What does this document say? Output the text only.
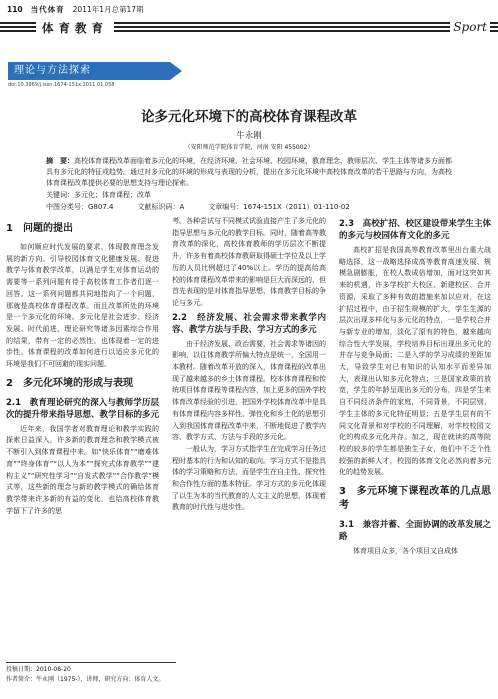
110 当代体育 2011年1月总第17期
体育教育	Sport
理论与方法探索
doi:10.3969/j.issn.1674-151x.2011.01.058
论多元化环境下的高校体育课程改革
牛永刚
（安阳师范学院体育学院，河南 安阳 455002）
摘　要：高校体育课程改革面临着多元化的环境，在经济环境、社会环境、校园环境、教育理念、教师层次、学生主体等诸多方面都具有多元化的特征或趋势。通过对多元化的环境的形成与表现的分析，提出在多元化环境中高校体育改革的若干思路与方向，为高校体育课程改革提供必要的思想支持与理论探索。
关键词：多元化；体育课程；改革
中图分类号：G807.4	文献标识码：A	文章编号：1674-151X（2011）01-110-02
1　问题的提出

如何顺应时代发展的要求、体现教育理念发展的新方向、引导校园体育文化健康发展、促进教学与体育教学改革，以满足学生对体育运动的需要等一系列问题有待于高校体育工作者们逐一回答。这一系列问题都共同地指向了一个问题，那就是高校体育课程改革。而且改革所处的环境是一个多元化的环境。多元化是社会进步、经济发展、时代前进、理论研究等诸多因素综合作用的结果，带有一定的必然性。也体现着一定的进步性。体育课程的改革如何进行以适应多元化的环境是我们不可回避的现实问题。

2　多元化环境的形成与表现
2.1　教育理论研究的深入与教师学历层次的提升带来指导思想、教学目标的多元

近年来，我国学者对教育理论和教学实践的探索日益深入，许多新的教育理念和教学模式被不断引入到体育课程中来。如“快乐体育”“磨难体育”“终身体育”“以人为本”“探究式体育教学”“建构主义”“研究性学习”“自发式教学”“合作教学”模式等，这些新的理念与新的教学模式的确给体育教学带来许多新的有益的变化，也给高校体育教学留下了许多的思

考。各种尝试与不同模式试验直接产生了多元化的指导思想与多元化的教学目标。同时，随着高等教育改革的深化，高校体育教师的学历层次不断提升，许多有着高校体育教研取得硕士学位及以上学历的人员比例超过了40%以上。学历的提高给高校的体育课程改革带来的影响是巨大而深远的，但首先表现的是对体育指导思想、体育教学目标的争论与多元。

2.2　经济发展、社会需求带来教学内容、教学方法与手段、学习方式的多元

由于经济发展、政治需要，社会需求等诸因的影响，以往体育教学所偏大特点是统一，全国用一本教材。随着改革开放的深入，体育课程的改革出现了越来越多的乡土体育课程。校本体育课程和传统项目体育课程等课程内容，加上更多的国外学校体育改革经验的引进，把国外学校体育改革中是具有体育课程内容多样性、弹性化和乡土化的思想引入到我国体育课程改革中来，不断地促进了教学内容、教学方式、方法与手段的多元化。

一般认为，学习方式指学生在完成学习任务过程时基本的行为和认知的取向。学习方式不是指具体的学习策略和方法，而是学生在自主性、探究性和合作性方面的基本特征。学习方式的多元化体现了以生为本的当代教育的人文主义的思想，体现着教育的时代性与进步性。

2.3　高校扩招、校区建设带来学生主体的多元与校园体育文化的多元

高校扩招是我国高等教育改革里出台重大战略选择，这一战略选择成高等教育高速发展、规模急剧膨胀，在校人数成倍增加，面对这突如其来的机遇，许多学校扩大校区、新建校区、合并资源，采取了多种有效的措施来加以应对，在这扩招过程中，由于招生规模的扩大，学生生源的层次出现多样化与多元化的特点，一是学校合并与新专业的增加，淡化了原有的特色，越来越向综合性大学发展，学校培养目标出现出多元化的并存与竞争局面；二是入学的学习成绩的差距加大，导致学生对已有知识的认知水平而差异加大，表现出认知多元化特点；三是国家政策的放宽，学生的年龄呈现出多元的分布，四是学生来自不同经济条件的家庭，不同背景，不同层别，学生主体的多元化特征明显；五是学生层有的不同文化背景和对学校的不同理解，对学校校园文化的构成多元化并存。加之，现在就读的高等院校的较多的学生都是独生子女，他们中不乏个性较强的新鲜人才，校园的体育文化必然向着多元化的趋势发展。

3　多元环境下课程改革的几点思考
3.1　兼容并蓄、全面协调的改革发展之路

体育项目众多，各个项目又自成体

投稿日期：2010-08-20
作者简介：牛永刚（1975-），讲师，研究方向：体育人文。
